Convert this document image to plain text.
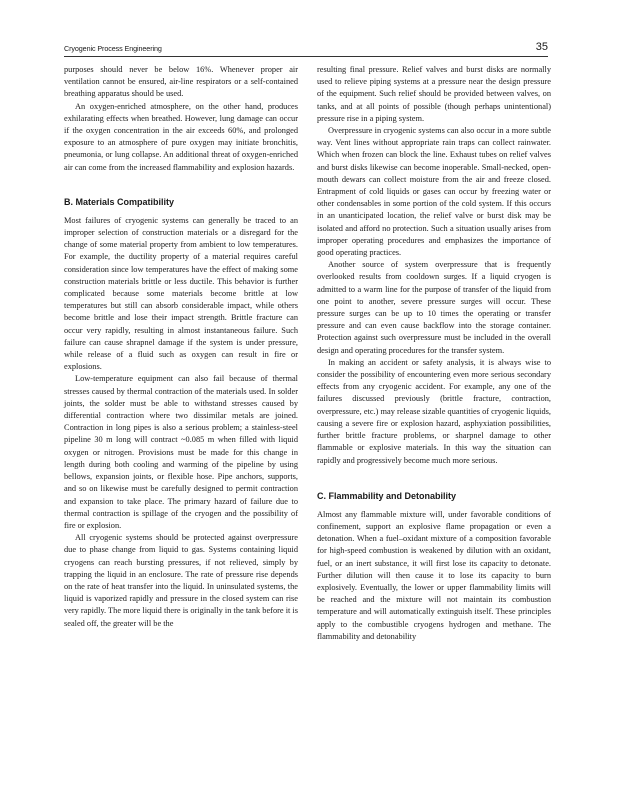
Cryogenic Process Engineering	35

purposes should never be below 16%. Whenever proper air ventilation cannot be ensured, air-line respirators or a self-contained breathing apparatus should be used.

An oxygen-enriched atmosphere, on the other hand, produces exhilarating effects when breathed. However, lung damage can occur if the oxygen concentration in the air exceeds 60%, and prolonged exposure to an atmosphere of pure oxygen may initiate bronchitis, pneumonia, or lung collapse. An additional threat of oxygen-enriched air can come from the increased flammability and explosion hazards.

B. Materials Compatibility

Most failures of cryogenic systems can generally be traced to an improper selection of construction materials or a disregard for the change of some material property from ambient to low temperatures. For example, the ductility property of a material requires careful consideration since low temperatures have the effect of making some construction materials brittle or less ductile. This behavior is further complicated because some materials become brittle at low temperatures but still can absorb considerable impact, while others become brittle and lose their impact strength. Brittle fracture can occur very rapidly, resulting in almost instantaneous failure. Such failure can cause shrapnel damage if the system is under pressure, while release of a fluid such as oxygen can result in fire or explosions.

Low-temperature equipment can also fail because of thermal stresses caused by thermal contraction of the materials used. In solder joints, the solder must be able to withstand stresses caused by differential contraction where two dissimilar metals are joined. Contraction in long pipes is also a serious problem; a stainless-steel pipeline 30 m long will contract ~0.085 m when filled with liquid oxygen or nitrogen. Provisions must be made for this change in length during both cooling and warming of the pipeline by using bellows, expansion joints, or flexible hose. Pipe anchors, supports, and so on likewise must be carefully designed to permit contraction and expansion to take place. The primary hazard of failure due to thermal contraction is spillage of the cryogen and the possibility of fire or explosion.

All cryogenic systems should be protected against overpressure due to phase change from liquid to gas. Systems containing liquid cryogens can reach bursting pressures, if not relieved, simply by trapping the liquid in an enclosure. The rate of pressure rise depends on the rate of heat transfer into the liquid. In uninsulated systems, the liquid is vaporized rapidly and pressure in the closed system can rise very rapidly. The more liquid there is originally in the tank before it is sealed off, the greater will be the

resulting final pressure. Relief valves and burst disks are normally used to relieve piping systems at a pressure near the design pressure of the equipment. Such relief should be provided between valves, on tanks, and at all points of possible (though perhaps unintentional) pressure rise in a piping system.

Overpressure in cryogenic systems can also occur in a more subtle way. Vent lines without appropriate rain traps can collect rainwater. Which when frozen can block the line. Exhaust tubes on relief valves and burst disks likewise can become inoperable. Small-necked, open-mouth dewars can collect moisture from the air and freeze closed. Entrapment of cold liquids or gases can occur by freezing water or other condensables in some portion of the cold system. If this occurs in an unanticipated location, the relief valve or burst disk may be isolated and afford no protection. Such a situation usually arises from improper operating procedures and emphasizes the importance of good operating practices.

Another source of system overpressure that is frequently overlooked results from cooldown surges. If a liquid cryogen is admitted to a warm line for the purpose of transfer of the liquid from one point to another, severe pressure surges will occur. These pressure surges can be up to 10 times the operating or transfer pressure and can even cause backflow into the storage container. Protection against such overpressure must be included in the overall design and operating procedures for the transfer system.

In making an accident or safety analysis, it is always wise to consider the possibility of encountering even more serious secondary effects from any cryogenic accident. For example, any one of the failures discussed previously (brittle fracture, contraction, overpressure, etc.) may release sizable quantities of cryogenic liquids, causing a severe fire or explosion hazard, asphyxiation possibilities, further brittle fracture problems, or sharpnel damage to other flammable or explosive materials. In this way the situation can rapidly and progressively become much more serious.

C. Flammability and Detonability

Almost any flammable mixture will, under favorable conditions of confinement, support an explosive flame propagation or even a detonation. When a fuel–oxidant mixture of a composition favorable for high-speed combustion is weakened by dilution with an oxidant, fuel, or an inert substance, it will first lose its capacity to detonate. Further dilution will then cause it to lose its capacity to burn explosively. Eventually, the lower or upper flammability limits will be reached and the mixture will not maintain its combustion temperature and will automatically extinguish itself. These principles apply to the combustible cryogens hydrogen and methane. The flammability and detonability
